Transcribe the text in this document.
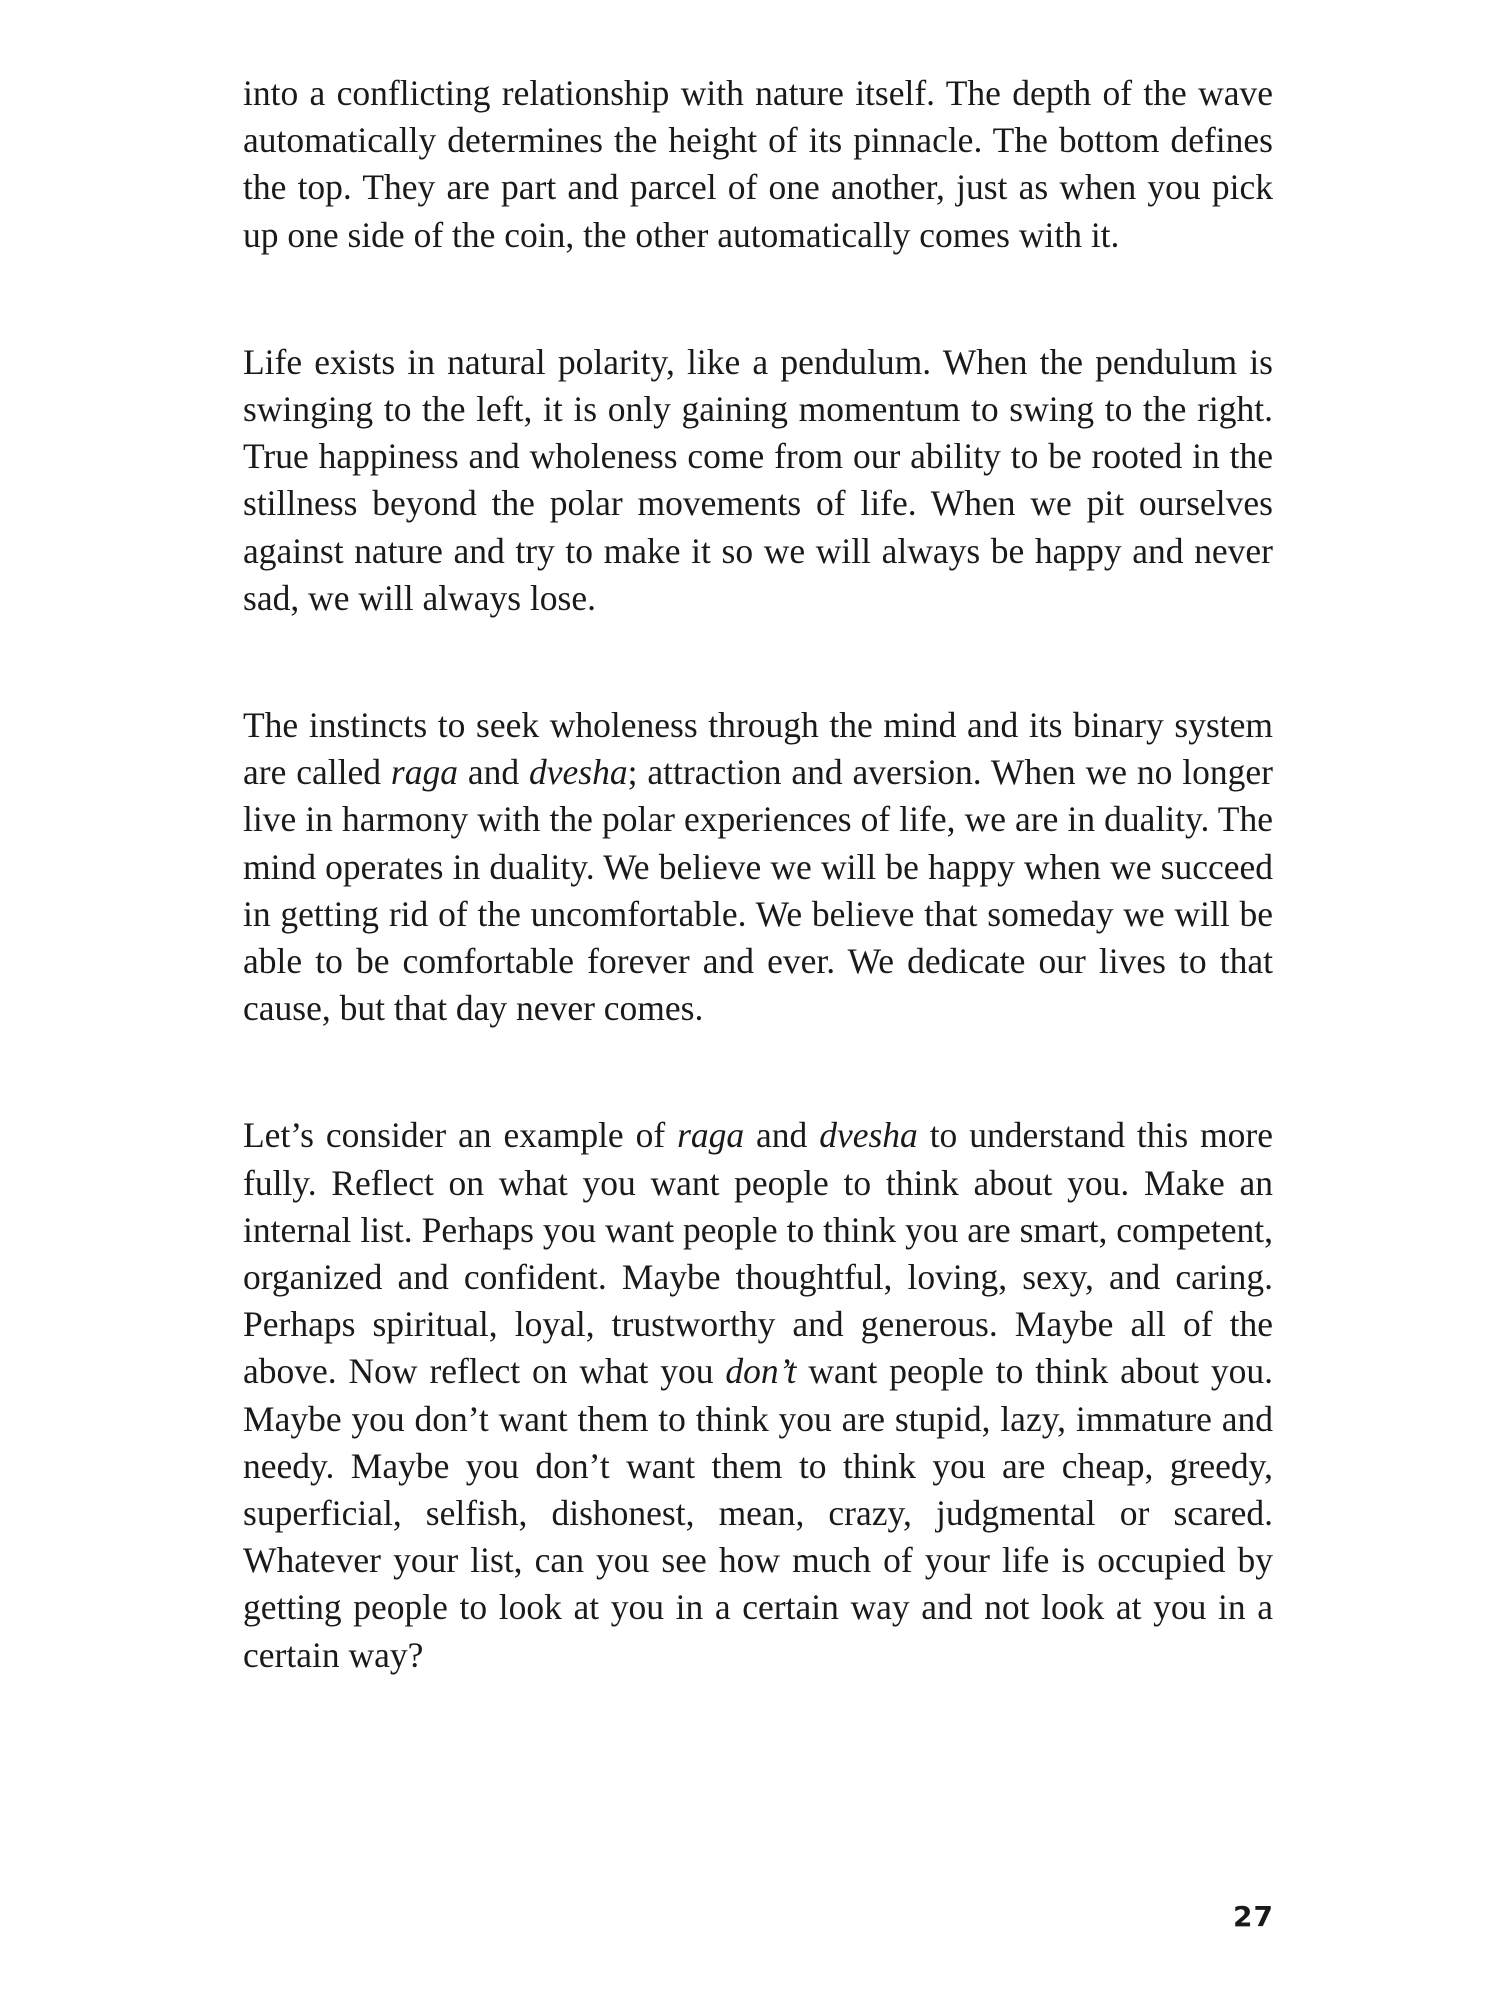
into a conflicting relationship with nature itself. The depth of the wave automatically determines the height of its pinnacle. The bottom defines the top. They are part and parcel of one another, just as when you pick up one side of the coin, the other automatically comes with it.

Life exists in natural polarity, like a pendulum. When the pendulum is swinging to the left, it is only gaining momentum to swing to the right. True happiness and wholeness come from our ability to be rooted in the stillness beyond the polar movements of life. When we pit ourselves against nature and try to make it so we will always be happy and never sad, we will always lose.

The instincts to seek wholeness through the mind and its binary system are called raga and dvesha; attraction and aversion. When we no longer live in harmony with the polar experiences of life, we are in duality. The mind operates in duality. We believe we will be happy when we succeed in getting rid of the uncomfortable. We believe that someday we will be able to be comfortable forever and ever. We dedicate our lives to that cause, but that day never comes.

Let’s consider an example of raga and dvesha to understand this more fully. Reflect on what you want people to think about you. Make an internal list. Perhaps you want people to think you are smart, competent, organized and confident. Maybe thoughtful, loving, sexy, and caring. Perhaps spiritual, loyal, trustworthy and generous. Maybe all of the above. Now reflect on what you don’t want people to think about you. Maybe you don’t want them to think you are stupid, lazy, immature and needy. Maybe you don’t want them to think you are cheap, greedy, superficial, selfish, dishonest, mean, crazy, judgmental or scared. Whatever your list, can you see how much of your life is occupied by getting people to look at you in a certain way and not look at you in a certain way?

27
